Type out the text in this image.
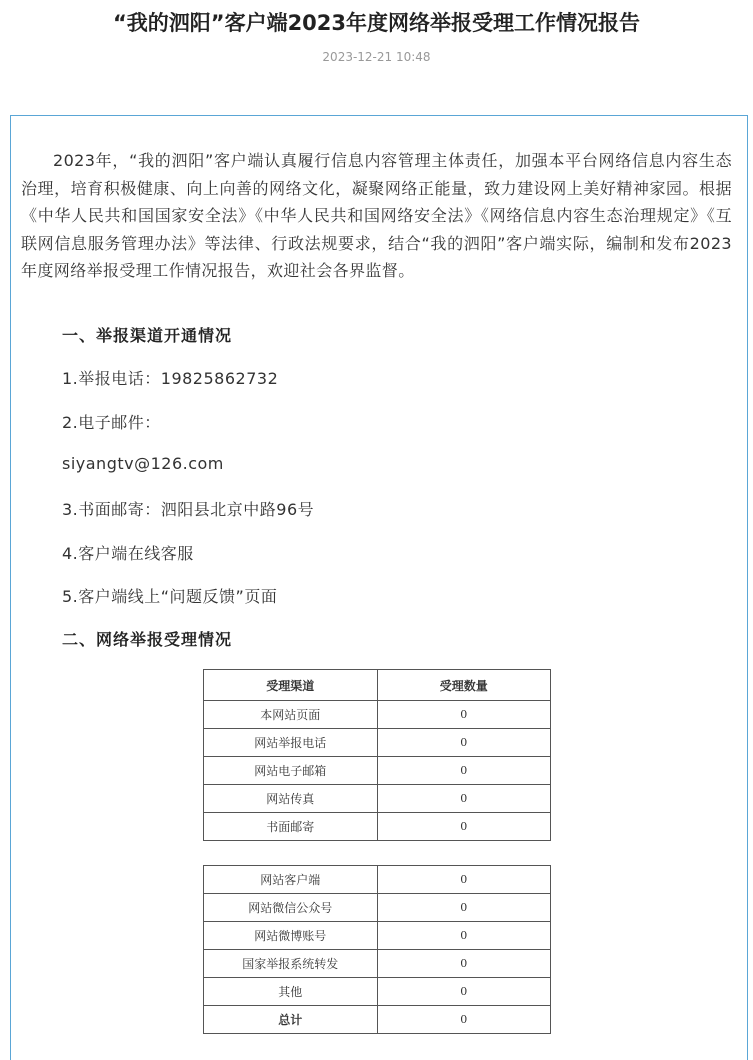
“我的泗阳”客户端2023年度网络举报受理工作情况报告
2023-12-21 10:48

2023年，“我的泗阳”客户端认真履行信息内容管理主体责任，加强本平台网络信息内容生态治理，培育积极健康、向上向善的网络文化，凝聚网络正能量，致力建设网上美好精神家园。根据《中华人民共和国国家安全法》《中华人民共和国网络安全法》《网络信息内容生态治理规定》《互联网信息服务管理办法》等法律、行政法规要求，结合“我的泗阳”客户端实际，编制和发布2023年度网络举报受理工作情况报告，欢迎社会各界监督。

一、举报渠道开通情况
1.举报电话：19825862732
2.电子邮件：
siyangtv@126.com
3.书面邮寄：泗阳县北京中路96号
4.客户端在线客服
5.客户端线上“问题反馈”页面
二、网络举报受理情况
受理渠道	受理数量
本网站页面	0
网站举报电话	0
网站电子邮箱	0
网站传真	0
书面邮寄	0
网站客户端	0
网站微信公众号	0
网站微博账号	0
国家举报系统转发	0
其他	0
总计	0
